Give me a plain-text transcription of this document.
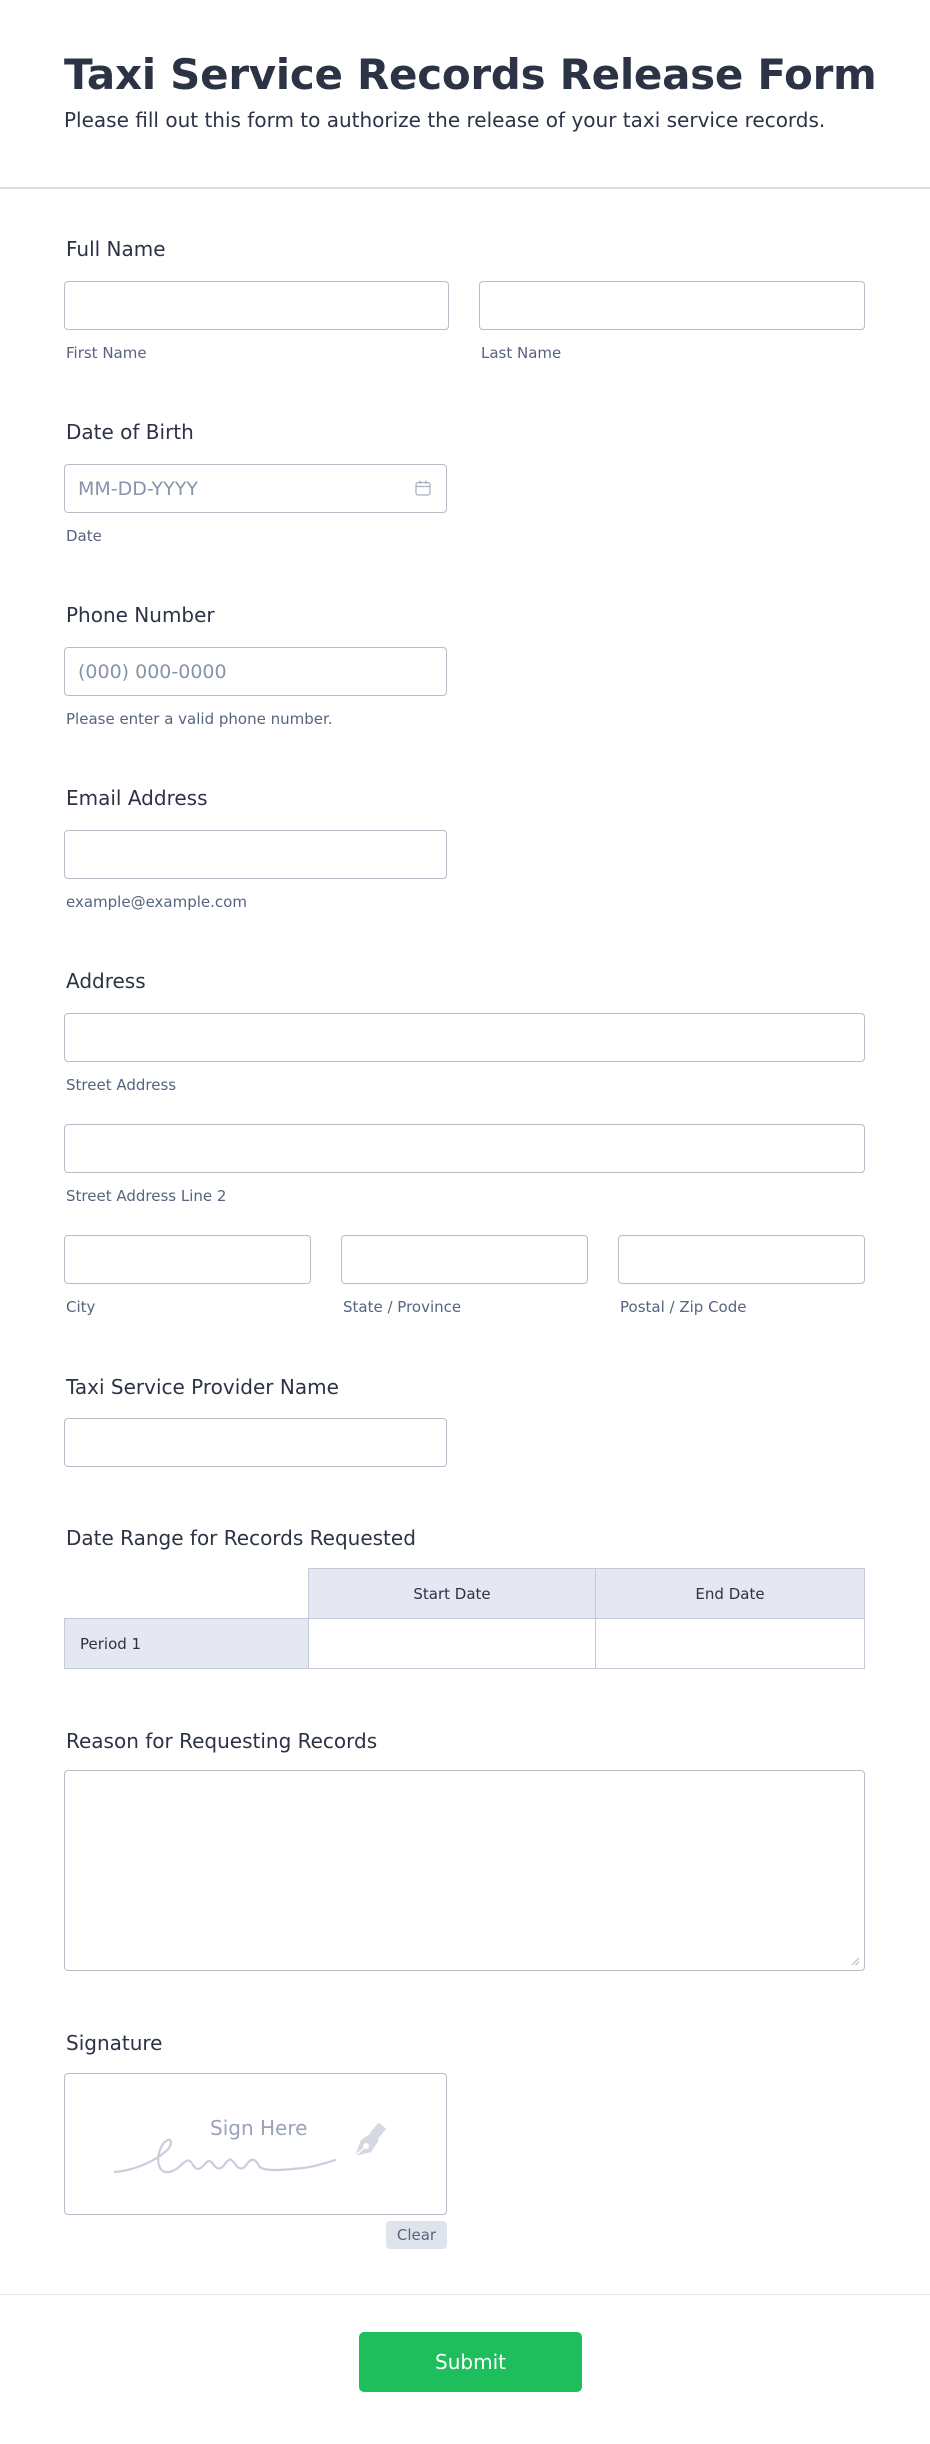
Taxi Service Records Release Form
Please fill out this form to authorize the release of your taxi service records.
Full Name
First Name	Last Name
Date of Birth
MM-DD-YYYY
Date
Phone Number
(000) 000-0000
Please enter a valid phone number.
Email Address
example@example.com
Address
Street Address
Street Address Line 2
City	State / Province	Postal / Zip Code
Taxi Service Provider Name
Date Range for Records Requested
Start Date	End Date
Period 1
Reason for Requesting Records
Signature
Sign Here
Clear
Submit
